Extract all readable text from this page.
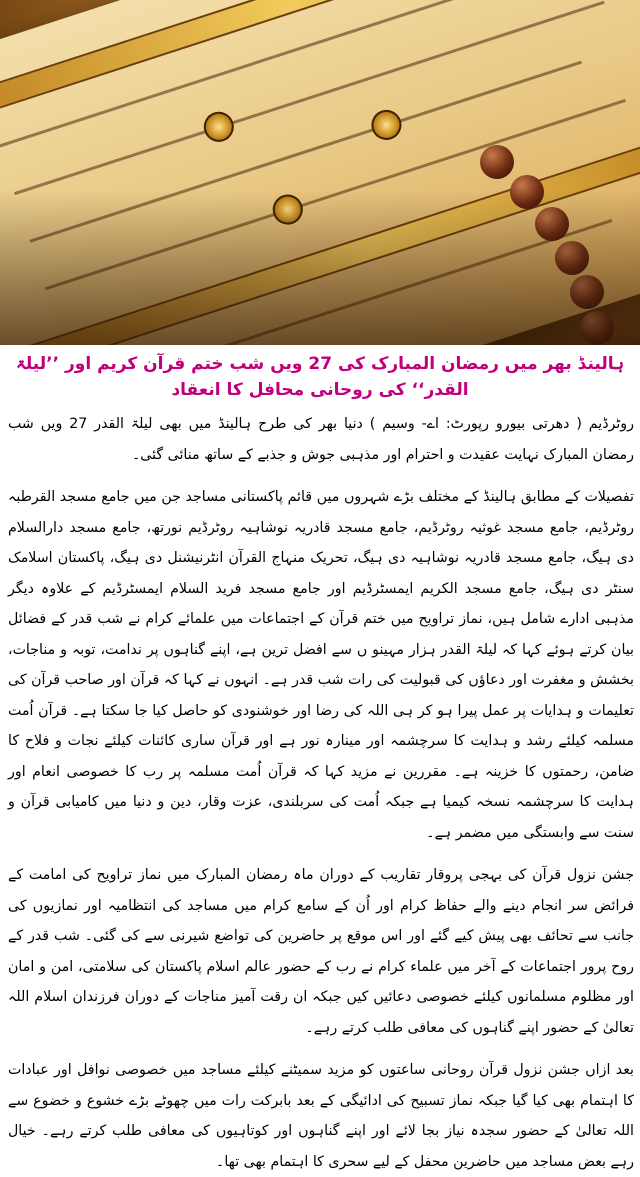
ہالینڈ بھر میں رمضان المبارک کی 27 ویں شب ختم قرآن کریم اور ’’لیلۃ القدر‘‘ کی روحانی محافل کا انعقاد

روٹرڈیم ( دھرتی بیورو رپورٹ: اے- وسیم ) دنیا بھر کی طرح ہالینڈ میں بھی لیلۃ القدر 27 ویں شب رمضان المبارک نہایت عقیدت و احترام اور مذہبی جوش و جذبے کے ساتھ منائی گئی۔

تفصیلات کے مطابق ہالینڈ کے مختلف بڑے شہروں میں قائم پاکستانی مساجد جن میں جامع مسجد القرطبہ روٹرڈیم، جامع مسجد غوثیہ روٹرڈیم، جامع مسجد قادریہ نوشاہیہ روٹرڈیم نورتھ، جامع مسجد دارالسلام دی ہیگ، جامع مسجد قادریہ نوشاہیہ دی ہیگ، تحریک منہاج القرآن انٹرنیشنل دی ہیگ، پاکستان اسلامک سنٹر دی ہیگ، جامع مسجد الکریم ایمسٹرڈیم اور جامع مسجد فرید السلام ایمسٹرڈیم کے علاوہ دیگر مذہبی ادارے شامل ہیں، نماز تراویح میں ختم قرآن کے اجتماعات میں علمائے کرام نے شب قدر کے فضائل بیان کرتے ہوئے کہا کہ لیلۃ القدر ہزار مہینو ں سے افضل ترین ہے، اپنے گناہوں پر ندامت، توبہ و مناجات، بخشش و مغفرت اور دعاؤں کی قبولیت کی رات شب قدر ہے۔ انہوں نے کہا کہ قرآن اور صاحب قرآن کی تعلیمات و ہدایات پر عمل پیرا ہو کر ہی اللہ کی رضا اور خوشنودی کو حاصل کیا جا سکتا ہے۔ قرآن اُمت مسلمہ کیلئے رشد و ہدایت کا سرچشمہ اور مینارہ نور ہے اور قرآن ساری کائنات کیلئے نجات و فلاح کا ضامن، رحمتوں کا خزینہ ہے۔ مقررین نے مزید کہا کہ قرآن اُمت مسلمہ پر رب کا خصوصی انعام اور ہدایت کا سرچشمہ نسخہ کیمیا ہے جبکہ اُمت کی سربلندی، عزت وقار، دین و دنیا میں کامیابی قرآن و سنت سے وابستگی میں مضمر ہے۔

جشن نزول قرآن کی بہجی پروقار تقاریب کے دوران ماہ رمضان المبارک میں نماز تراویح کی امامت کے فرائض سر انجام دینے والے حفاظ کرام اور اُن کے سامع کرام میں مساجد کی انتظامیہ اور نمازیوں کی جانب سے تحائف بھی پیش کیے گئے اور اس موقع پر حاضرین کی تواضع شیرنی سے کی گئی۔ شب قدر کے روح پرور اجتماعات کے آخر میں علماء کرام نے رب کے حضور عالم اسلام پاکستان کی سلامتی، امن و امان اور مظلوم مسلمانوں کیلئے خصوصی دعائیں کیں جبکہ ان رقت آمیز مناجات کے دوران فرزندان اسلام اللہ تعالیٰ کے حضور اپنے گناہوں کی معافی طلب کرتے رہے۔

بعد ازاں جشن نزول قرآن روحانی ساعتوں کو مزید سمیٹنے کیلئے مساجد میں خصوصی نوافل اور عبادات کا اہتمام بھی کیا گیا جبکہ نماز تسبیح کی ادائیگی کے بعد بابرکت رات میں چھوٹے بڑے خشوع و خضوع سے اللہ تعالیٰ کے حضور سجدہ نیاز بجا لائے اور اپنے گناہوں اور کوتاہیوں کی معافی طلب کرتے رہے۔ خیال رہے بعض مساجد میں حاضرین محفل کے لیے سحری کا اہتمام بھی تھا۔
